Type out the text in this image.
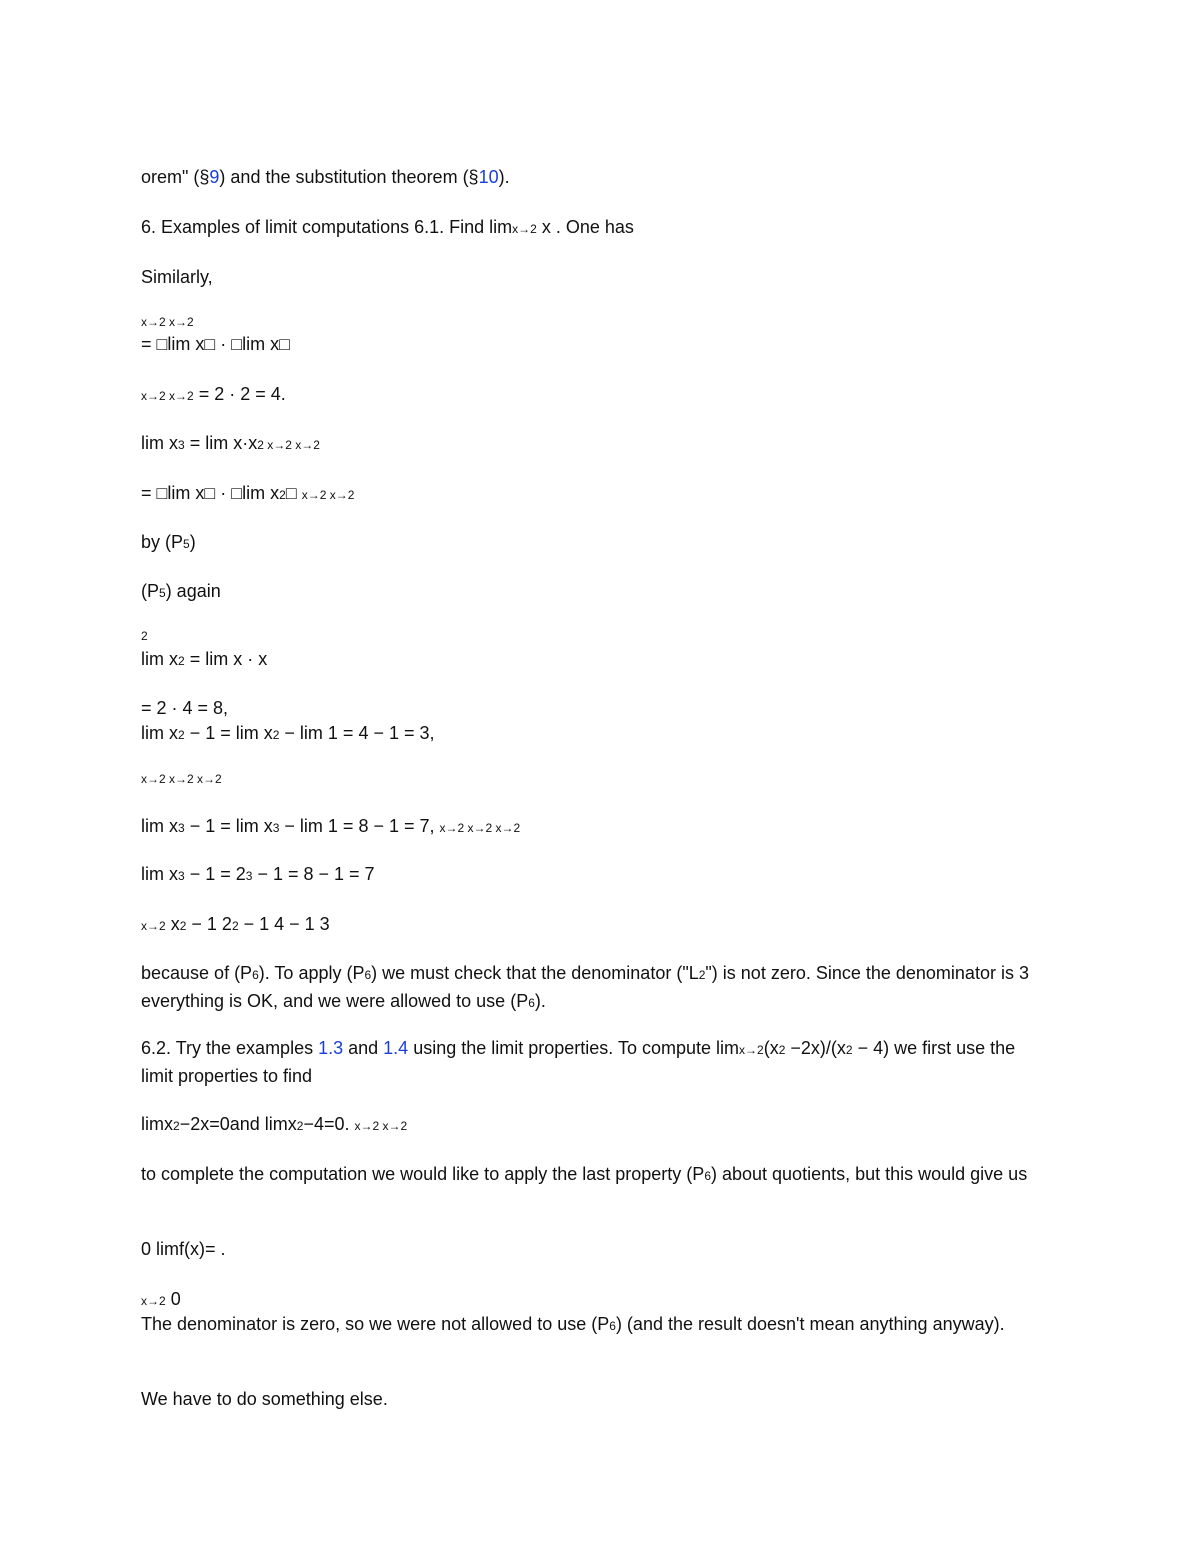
orem" (§9) and the substitution theorem (§10).

6. Examples of limit computations 6.1. Find limx→2 x . One has

Similarly,

x→2 x→2

= □lim x□ · □lim x□

x→2 x→2 = 2 · 2 = 4.

lim x3 = lim x·x2 x→2 x→2

= □lim x□ · □lim x2□ x→2 x→2

by (P5)

(P5) again

2

lim x2 = lim x · x

= 2 · 4 = 8,

lim x2 − 1 = lim x2 − lim 1 = 4 − 1 = 3,

x→2 x→2 x→2

lim x3 − 1 = lim x3 − lim 1 = 8 − 1 = 7, x→2 x→2 x→2

lim x3 − 1 = 23 − 1 = 8 − 1 = 7

x→2 x2 − 1 22 − 1 4 − 1 3

because of (P6). To apply (P6) we must check that the denominator ("L2") is not zero. Since the denominator is 3 everything is OK, and we were allowed to use (P6).

6.2. Try the examples 1.3 and 1.4 using the limit properties. To compute limx→2(x2 −2x)/(x2 − 4) we first use the limit properties to find

limx2−2x=0and limx2−4=0. x→2 x→2

to complete the computation we would like to apply the last property (P6) about quotients, but this would give us

0 limf(x)= .

x→2 0

The denominator is zero, so we were not allowed to use (P6) (and the result doesn't mean anything anyway).

We have to do something else.
